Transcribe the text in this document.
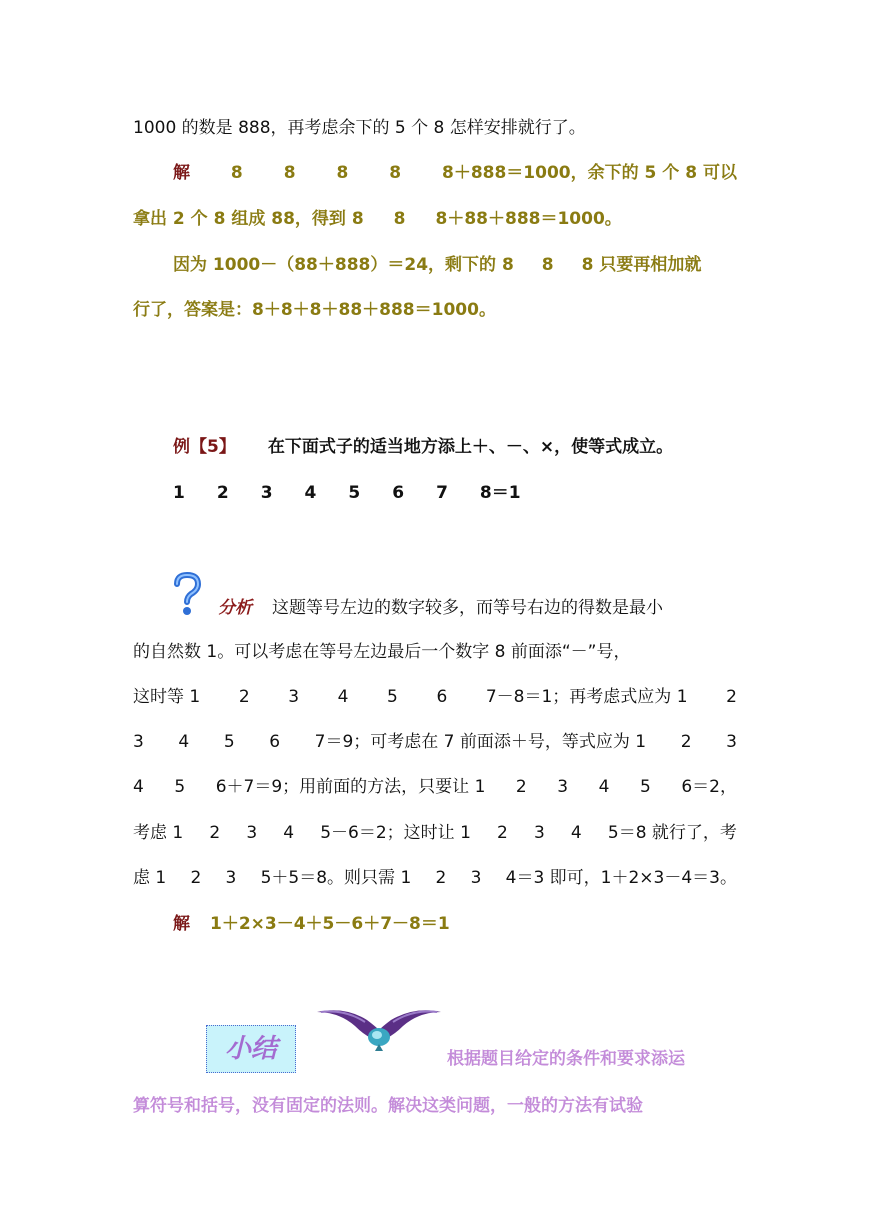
1000 的数是 888，再考虑余下的 5 个 8 怎样安排就行了。
解 8 8 8 8 8＋888＝1000，余下的 5 个 8 可以
拿出 2 个 8 组成 88，得到 8 8 8＋88＋888＝1000。
因为 1000－（88＋888）＝24，剩下的 8 8 8 只要再相加就
行了，答案是：8＋8＋8＋88＋888＝1000。
例【5】 在下面式子的适当地方添上＋、－、×，使等式成立。
1 2 3 4 5 6 7 8＝1
分析 这题等号左边的数字较多，而等号右边的得数是最小
的自然数 1。可以考虑在等号左边最后一个数字 8 前面添“－”号，
这时等 1 2 3 4 5 6 7－8＝1；再考虑式应为 1 2
3 4 5 6 7＝9；可考虑在 7 前面添＋号，等式应为 1 2 3
4 5 6＋7＝9；用前面的方法，只要让 1 2 3 4 5 6＝2，
考虑 1 2 3 4 5－6＝2；这时让 1 2 3 4 5＝8 就行了，考
虑 1 2 3 5＋5＝8。则只需 1 2 3 4＝3 即可，1＋2×3－4＝3。
解 1＋2×3－4＋5－6＋7－8＝1
小结	根据题目给定的条件和要求添运
算符号和括号，没有固定的法则。解决这类问题，一般的方法有试验
